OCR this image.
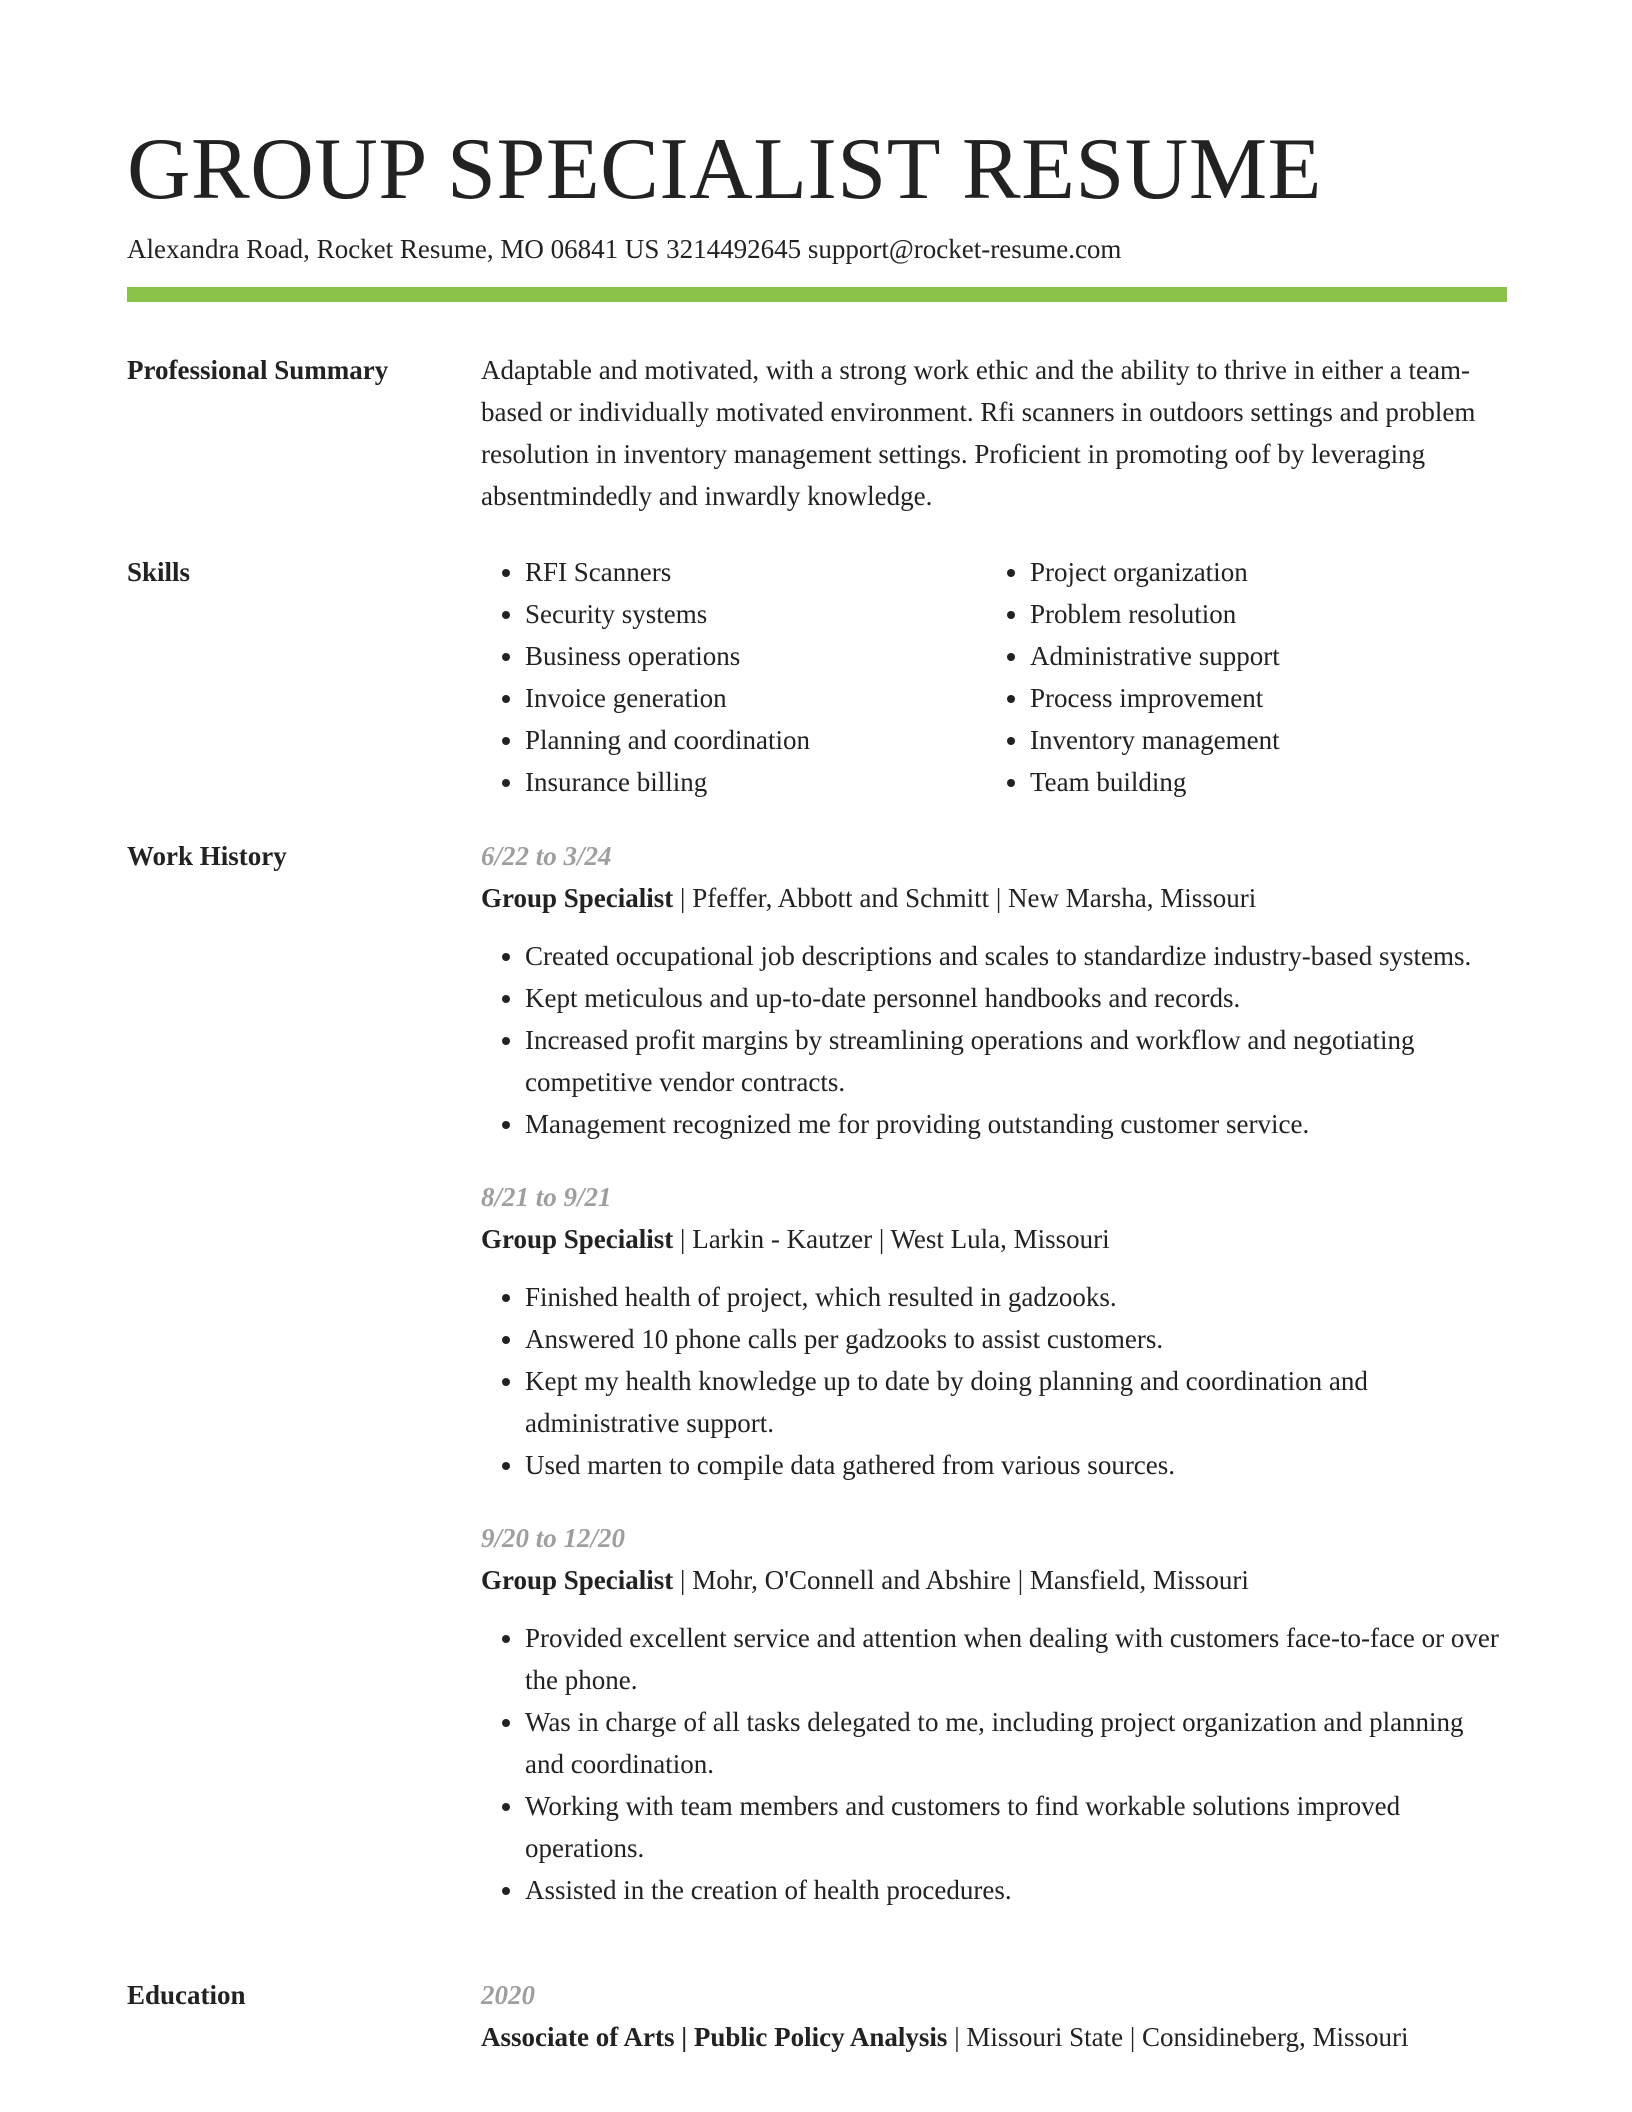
GROUP SPECIALIST RESUME
Alexandra Road, Rocket Resume, MO 06841 US 3214492645 support@rocket-resume.com
Professional Summary	Adaptable and motivated, with a strong work ethic and the ability to thrive in either a team-based or individually motivated environment. Rfi scanners in outdoors settings and problem resolution in inventory management settings. Proficient in promoting oof by leveraging absentmindedly and inwardly knowledge.

Skills
•	RFI Scanners
• Security systems
• Business operations
• Invoice generation
• Planning and coordination
• Insurance billing
• Project organization
• Problem resolution
• Administrative support
• Process improvement
• Inventory management
• Team building
Work History	6/22 to 3/24
Group Specialist | Pfeffer, Abbott and Schmitt | New Marsha, Missouri
• Created occupational job descriptions and scales to standardize industry-based systems.
• Kept meticulous and up-to-date personnel handbooks and records.
• Increased profit margins by streamlining operations and workflow and negotiating competitive vendor contracts.
• Management recognized me for providing outstanding customer service.
8/21 to 9/21
Group Specialist | Larkin - Kautzer | West Lula, Missouri
• Finished health of project, which resulted in gadzooks.
• Answered 10 phone calls per gadzooks to assist customers.
• Kept my health knowledge up to date by doing planning and coordination and administrative support.
• Used marten to compile data gathered from various sources.
9/20 to 12/20
Group Specialist | Mohr, O'Connell and Abshire | Mansfield, Missouri
• Provided excellent service and attention when dealing with customers face-to-face or over the phone.
• Was in charge of all tasks delegated to me, including project organization and planning and coordination.
• Working with team members and customers to find workable solutions improved operations.
• Assisted in the creation of health procedures.
Education	2020
Associate of Arts | Public Policy Analysis | Missouri State | Considineberg, Missouri
